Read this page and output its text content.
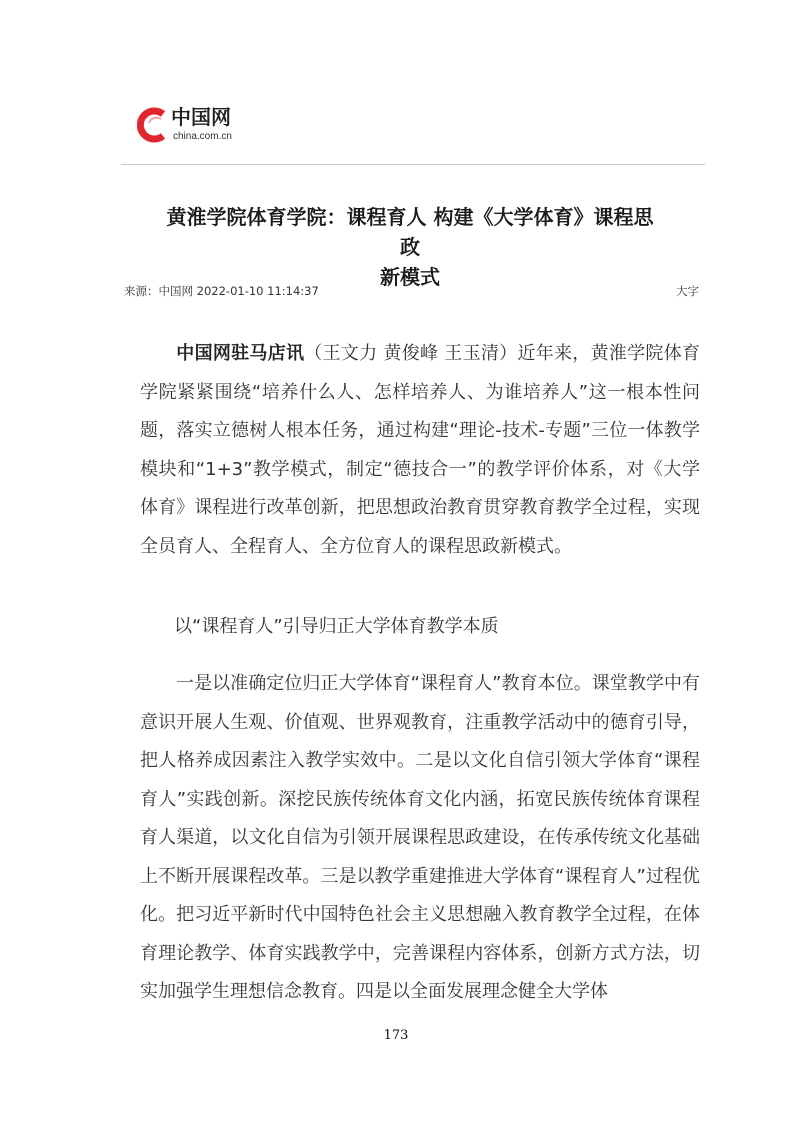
中国网
china.com.cn
黄淮学院体育学院：课程育人 构建《大学体育》课程思政
新模式
来源：中国网 2022-01-10 11:14:37	大字

中国网驻马店讯（王文力 黄俊峰 王玉清）近年来，黄淮学院体育学院紧紧围绕“培养什么人、怎样培养人、为谁培养人”这一根本性问题，落实立德树人根本任务，通过构建“理论-技术-专题”三位一体教学模块和“1+3”教学模式，制定“德技合一”的教学评价体系，对《大学体育》课程进行改革创新，把思想政治教育贯穿教育教学全过程，实现全员育人、全程育人、全方位育人的课程思政新模式。

以“课程育人”引导归正大学体育教学本质

一是以准确定位归正大学体育“课程育人”教育本位。课堂教学中有意识开展人生观、价值观、世界观教育，注重教学活动中的德育引导，把人格养成因素注入教学实效中。二是以文化自信引领大学体育“课程育人”实践创新。深挖民族传统体育文化内涵，拓宽民族传统体育课程育人渠道，以文化自信为引领开展课程思政建设，在传承传统文化基础上不断开展课程改革。三是以教学重建推进大学体育“课程育人”过程优化。把习近平新时代中国特色社会主义思想融入教育教学全过程，在体育理论教学、体育实践教学中，完善课程内容体系，创新方式方法，切实加强学生理想信念教育。四是以全面发展理念健全大学体

173
